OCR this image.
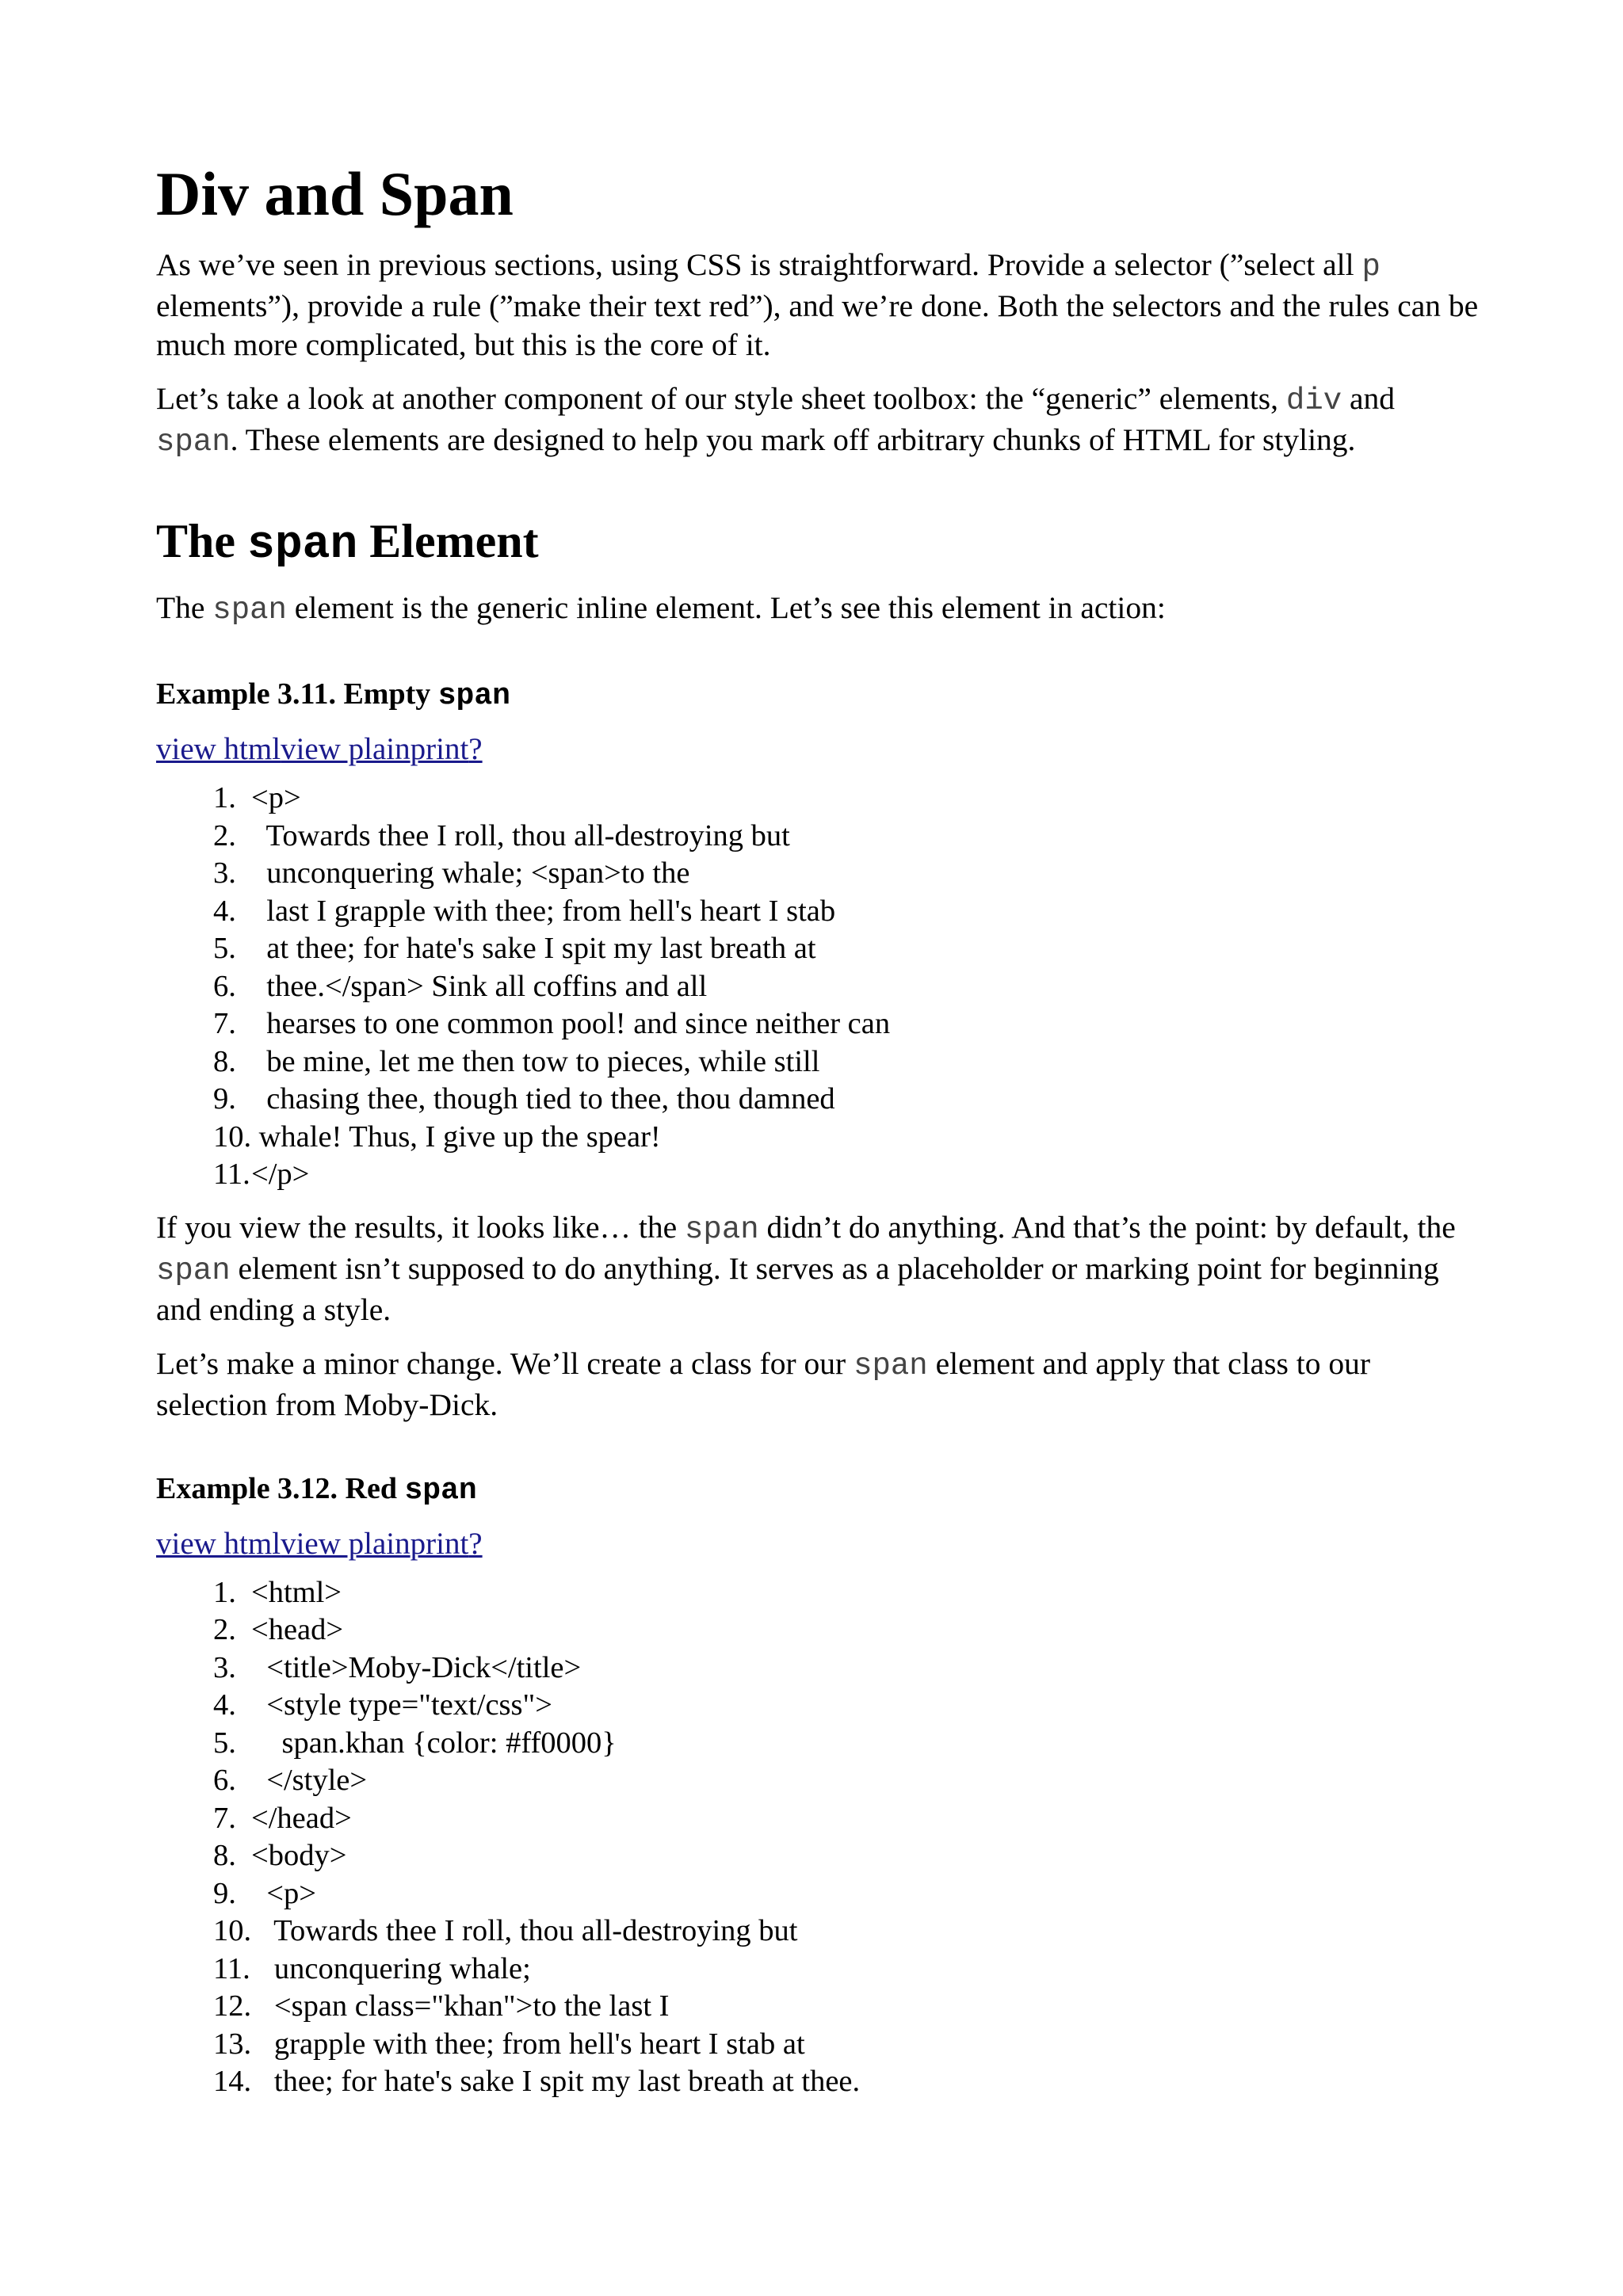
Div and Span

As we’ve seen in previous sections, using CSS is straightforward. Provide a selector (”select all p elements”), provide a rule (”make their text red”), and we’re done. Both the selectors and the rules can be much more complicated, but this is the core of it.

Let’s take a look at another component of our style sheet toolbox: the “generic” elements, div and
span. These elements are designed to help you mark off arbitrary chunks of HTML for styling.

The span Element

The span element is the generic inline element. Let’s see this element in action:

Example 3.11. Empty span
view htmlview plainprint?
1. <p>
2.  Towards thee I roll, thou all-destroying but
3.  unconquering whale; <span>to the
4.  last I grapple with thee; from hell's heart I stab
5.  at thee; for hate's sake I spit my last breath at
6.  thee.</span> Sink all coffins and all
7.  hearses to one common pool! and since neither can
8.  be mine, let me then tow to pieces, while still
9.  chasing thee, though tied to thee, thou damned
10. whale! Thus, I give up the spear!
11.</p>

If you view the results, it looks like… the span didn’t do anything. And that’s the point: by default, the span element isn’t supposed to do anything. It serves as a placeholder or marking point for beginning and ending a style.

Let’s make a minor change. We’ll create a class for our span element and apply that class to our selection from Moby-Dick.

Example 3.12. Red span
view htmlview plainprint?
1. <html>
2. <head>
3.  <title>Moby-Dick</title>
4.  <style type="text/css">
5.    span.khan {color: #ff0000}
6.  </style>
7. </head>
8. <body>
9.  <p>
10.   Towards thee I roll, thou all-destroying but
11.   unconquering whale;
12.   <span class="khan">to the last I
13.   grapple with thee; from hell's heart I stab at
14.   thee; for hate's sake I spit my last breath at thee.
